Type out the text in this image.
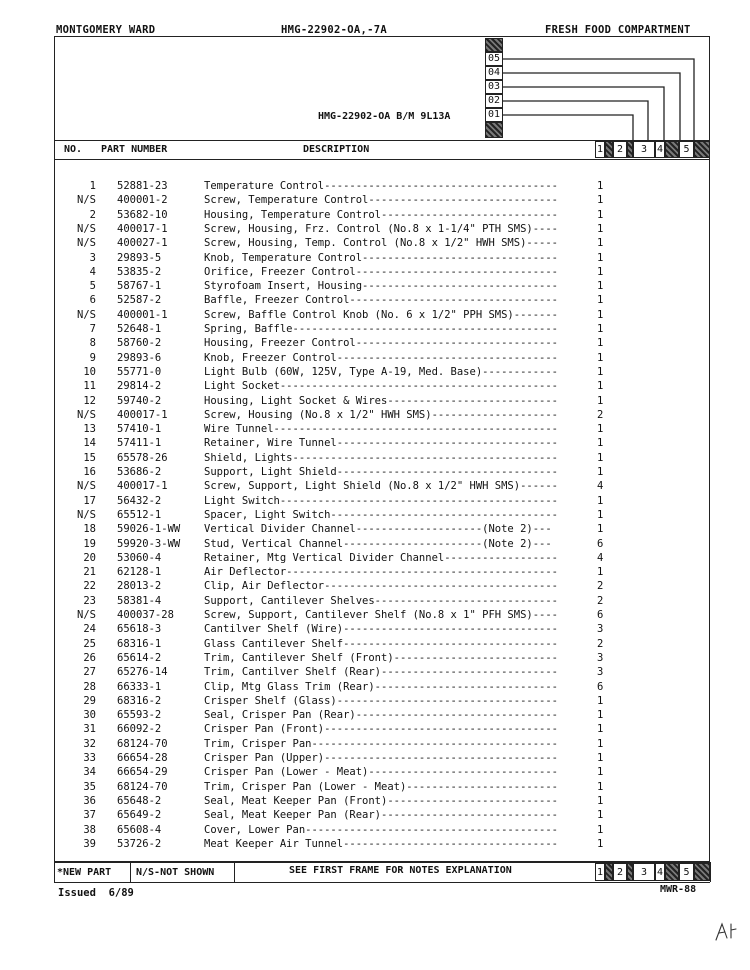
MONTGOMERY WARD	HMG-22902-OA,-7A	FRESH FOOD COMPARTMENT
HMG-22902-OA B/M 9L13A
05
04
03
02
01
NO. PART NUMBER	DESCRIPTION	1	2	3 4	5
1 52881-23	Temperature Control-------------------------------------	1
N/S 400001-2	Screw, Temperature Control------------------------------	1
2 53682-10	Housing, Temperature Control----------------------------	1
N/S 400017-1	Screw, Housing, Frz. Control (No.8 x 1-1/4" PTH SMS)----	1
N/S 400027-1	Screw, Housing, Temp. Control (No.8 x 1/2" HWH SMS)-----	1
3 29893-5	Knob, Temperature Control-------------------------------	1
4 53835-2	Orifice, Freezer Control--------------------------------	1
5 58767-1	Styrofoam Insert, Housing-------------------------------	1
6 52587-2	Baffle, Freezer Control---------------------------------	1
N/S 400001-1	Screw, Baffle Control Knob (No. 6 x 1/2" PPH SMS)-------	1
7 52648-1	Spring, Baffle------------------------------------------	1
8 58760-2	Housing, Freezer Control--------------------------------	1
9 29893-6	Knob, Freezer Control-----------------------------------	1
10 55771-0	Light Bulb (60W, 125V, Type A-19, Med. Base)------------	1
11 29814-2	Light Socket--------------------------------------------	1
12 59740-2	Housing, Light Socket & Wires---------------------------	1
N/S 400017-1	Screw, Housing (No.8 x 1/2" HWH SMS)--------------------	2
13 57410-1	Wire Tunnel---------------------------------------------	1
14 57411-1	Retainer, Wire Tunnel-----------------------------------	1
15 65578-26	Shield, Lights------------------------------------------	1
16 53686-2	Support, Light Shield-----------------------------------	1
N/S 400017-1	Screw, Support, Light Shield (No.8 x 1/2" HWH SMS)------	4
17 56432-2	Light Switch--------------------------------------------	1
N/S 65512-1	Spacer, Light Switch------------------------------------	1
18 59026-1-WW	Vertical Divider Channel--------------------(Note 2)---	1
19 59920-3-WW	Stud, Vertical Channel----------------------(Note 2)---	6
20 53060-4	Retainer, Mtg Vertical Divider Channel------------------	4
21 62128-1	Air Deflector-------------------------------------------	1
22 28013-2	Clip, Air Deflector-------------------------------------	2
23 58381-4	Support, Cantilever Shelves-----------------------------	2
N/S 400037-28	Screw, Support, Cantilever Shelf (No.8 x 1" PFH SMS)----	6
24 65618-3	Cantilver Shelf (Wire)----------------------------------	3
25 68316-1	Glass Cantilever Shelf----------------------------------	2
26 65614-2	Trim, Cantilever Shelf (Front)--------------------------	3
27 65276-14	Trim, Cantilver Shelf (Rear)----------------------------	3
28 66333-1	Clip, Mtg Glass Trim (Rear)-----------------------------	6
29 68316-2	Crisper Shelf (Glass)-----------------------------------	1
30 65593-2	Seal, Crisper Pan (Rear)--------------------------------	1
31 66092-2	Crisper Pan (Front)-------------------------------------	1
32 68124-70	Trim, Crisper Pan---------------------------------------	1
33 66654-28	Crisper Pan (Upper)-------------------------------------	1
34 66654-29	Crisper Pan (Lower - Meat)------------------------------	1
35 68124-70	Trim, Crisper Pan (Lower - Meat)------------------------	1
36 65648-2	Seal, Meat Keeper Pan (Front)---------------------------	1
37 65649-2	Seal, Meat Keeper Pan (Rear)----------------------------	1
38 65608-4	Cover, Lower Pan----------------------------------------	1
39 53726-2	Meat Keeper Air Tunnel----------------------------------	1
*NEW PART N/S-NOT SHOWN	SEE FIRST FRAME FOR NOTES EXPLANATION	1	2	3 4	5
Issued  6/89	MWR-88
